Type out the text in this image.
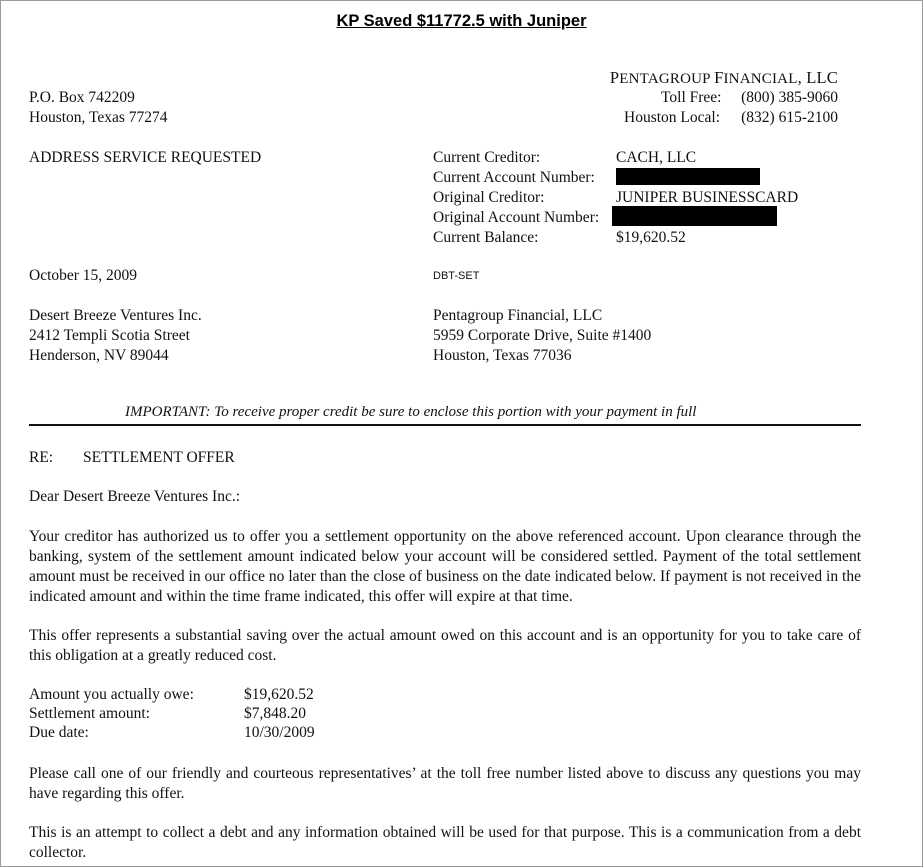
KP Saved $11772.5 with Juniper
PENTAGROUP FINANCIAL, LLC
Toll Free: (800) 385-9060
Houston Local: (832) 615-2100
P.O. Box 742209
Houston, Texas 77274
ADDRESS SERVICE REQUESTED	Current Creditor:	CACH, LLC
Current Account Number:
Original Creditor:	JUNIPER BUSINESSCARD
Original Account Number:
Current Balance:	$19,620.52
October 15, 2009	DBT-SET
Desert Breeze Ventures Inc.
2412 Templi Scotia Street
Henderson, NV 89044
Pentagroup Financial, LLC
5959 Corporate Drive, Suite #1400
Houston, Texas 77036
IMPORTANT: To receive proper credit be sure to enclose this portion with your payment in full
RE: SETTLEMENT OFFER
Dear Desert Breeze Ventures Inc.:
Your creditor has authorized us to offer you a settlement opportunity on the above referenced account. Upon clearance through the banking, system of the settlement amount indicated below your account will be considered settled. Payment of the total settlement amount must be received in our office no later than the close of business on the date indicated below. If payment is not received in the indicated amount and within the time frame indicated, this offer will expire at that time.
This offer represents a substantial saving over the actual amount owed on this account and is an opportunity for you to take care of this obligation at a greatly reduced cost.
Amount you actually owe:	$19,620.52
Settlement amount:	$7,848.20
Due date:	10/30/2009
Please call one of our friendly and courteous representatives’ at the toll free number listed above to discuss any questions you may have regarding this offer.
This is an attempt to collect a debt and any information obtained will be used for that purpose. This is a communication from a debt collector.
